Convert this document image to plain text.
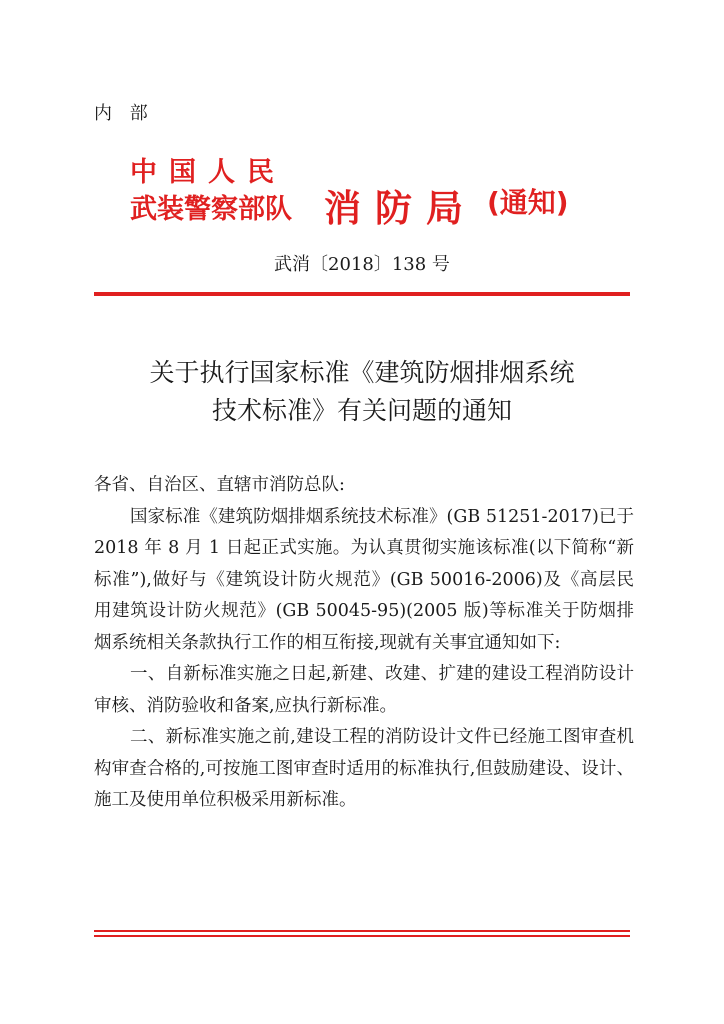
内 部
中国人民
武装警察部队 消防局 (通知)
武消〔2018〕138 号
关于执行国家标准《建筑防烟排烟系统
技术标准》有关问题的通知

各省、自治区、直辖市消防总队:

国家标准《建筑防烟排烟系统技术标准》(GB 51251-2017)已于 2018 年 8 月 1 日起正式实施。为认真贯彻实施该标准(以下简称“新标准”),做好与《建筑设计防火规范》(GB 50016-2006)及《高层民用建筑设计防火规范》(GB 50045-95)(2005 版)等标准关于防烟排烟系统相关条款执行工作的相互衔接,现就有关事宜通知如下:

一、自新标准实施之日起,新建、改建、扩建的建设工程消防设计审核、消防验收和备案,应执行新标准。

二、新标准实施之前,建设工程的消防设计文件已经施工图审查机构审查合格的,可按施工图审查时适用的标准执行,但鼓励建设、设计、施工及使用单位积极采用新标准。
